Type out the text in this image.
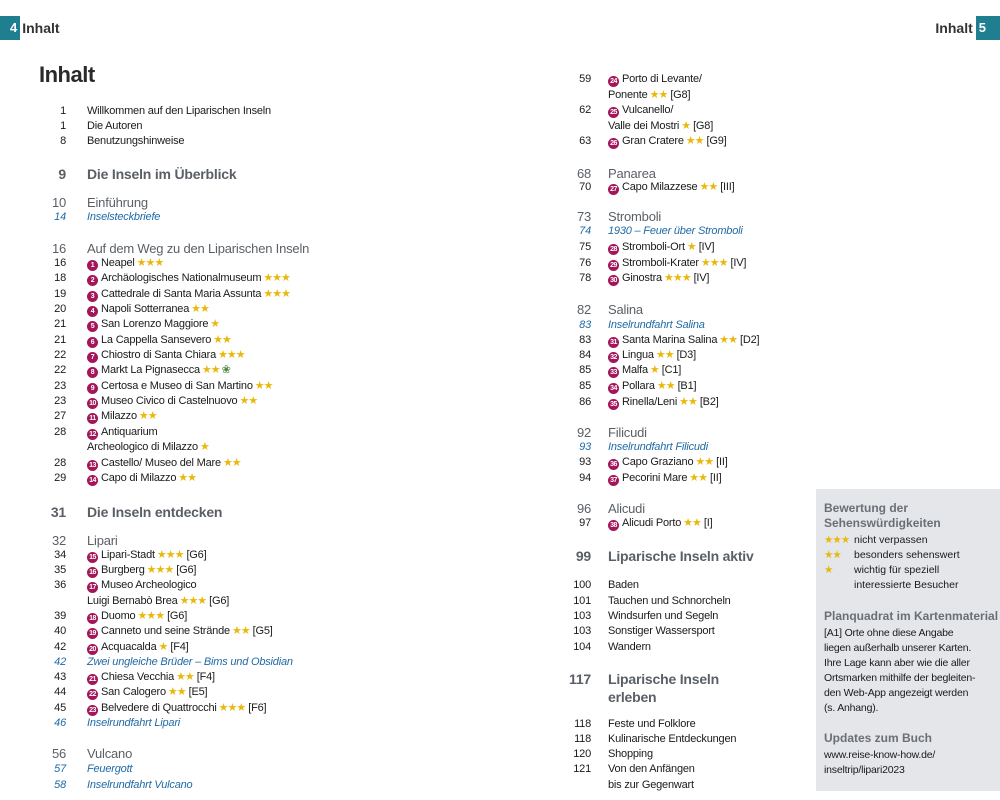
4 Inhalt	Inhalt 5
Inhalt
1 Willkommen auf den Liparischen Inseln
1 Die Autoren
8 Benutzungshinweise
9 Die Inseln im Überblick
10 Einführung
14 Inselsteckbriefe
16 Auf dem Weg zu den Liparischen Inseln
16	1 Neapel ★★★
18	2 Archäologisches Nationalmuseum ★★★
19	3 Cattedrale di Santa Maria Assunta ★★★
20	4 Napoli Sotterranea ★★
21	5 San Lorenzo Maggiore ★
21	6 La Cappella Sansevero ★★
22	7 Chiostro di Santa Chiara ★★★
22	8 Markt La Pignasecca ★★ ❀
23	9 Certosa e Museo di San Martino ★★
23	10 Museo Civico di Castelnuovo ★★
27	11 Milazzo ★★
28	12 Antiquarium
Archeologico di Milazzo ★
28	13 Castello/ Museo del Mare ★★
29	14 Capo di Milazzo ★★
31 Die Inseln entdecken
32 Lipari
34	15 Lipari-Stadt ★★★ [G6]
35	16 Burgberg ★★★ [G6]
36	17 Museo Archeologico
Luigi Bernabò Brea ★★★ [G6]
39	18 Duomo ★★★ [G6]
40	19 Canneto und seine Strände ★★ [G5]
42	20 Acquacalda ★ [F4]
42 Zwei ungleiche Brüder – Bims und Obsidian
43	21 Chiesa Vecchia ★★ [F4]
44	22 San Calogero ★★ [E5]
45	23 Belvedere di Quattrocchi ★★★ [F6]
46 Inselrundfahrt Lipari
56 Vulcano
57 Feuergott
58 Inselrundfahrt Vulcano
59	24 Porto di Levante/
Ponente ★★ [G8]
62	25 Vulcanello/
Valle dei Mostri ★ [G8]
63	26 Gran Cratere ★★ [G9]
68 Panarea
70	27 Capo Milazzese ★★ [III]
73 Stromboli
74 1930 – Feuer über Stromboli
75	28 Stromboli-Ort ★ [IV]
76	29 Stromboli-Krater ★★★ [IV]
78	30 Ginostra ★★★ [IV]
82 Salina
83 Inselrundfahrt Salina
83	31 Santa Marina Salina ★★ [D2]
84	32 Lingua ★★ [D3]
85	33 Malfa ★ [C1]
85	34 Pollara ★★ [B1]
86	35 Rinella/Leni ★★ [B2]
92 Filicudi
93 Inselrundfahrt Filicudi
93	36 Capo Graziano ★★ [II]
94	37 Pecorini Mare ★★ [II]
96 Alicudi
97	38 Alicudi Porto ★★ [I]
99 Liparische Inseln aktiv
100 Baden
101 Tauchen und Schnorcheln
103 Windsurfen und Segeln
103 Sonstiger Wassersport
104 Wandern
117 Liparische Inseln
erleben
118 Feste und Folklore
118 Kulinarische Entdeckungen
120 Shopping
121 Von den Anfängen
bis zur Gegenwart
Bewertung der
Sehenswürdigkeiten
★★★ nicht verpassen
★★ besonders sehenswert
★ wichtig für speziell
interessierte Besucher
Planquadrat im Kartenmaterial
[A1] Orte ohne diese Angabe
liegen außerhalb unserer Karten.
Ihre Lage kann aber wie die aller
Ortsmarken mithilfe der begleiten-
den Web-App angezeigt werden
(s. Anhang).
Updates zum Buch
www.reise-know-how.de/
inseltrip/lipari2023
